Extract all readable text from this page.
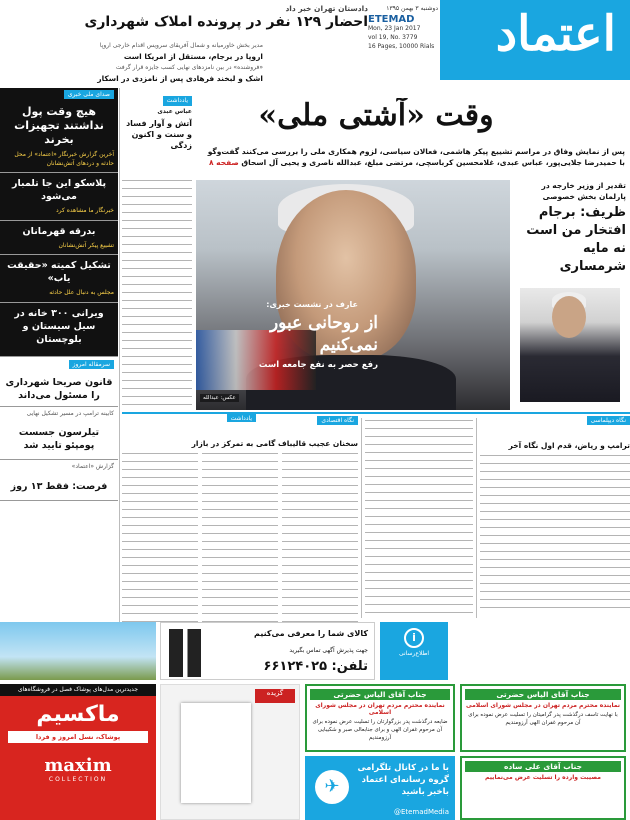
اعتماد
دوشنبه ۳ بهمن ۱۳۹۵
ETEMAD
Mon, 23 Jan 2017
vol 19, No. 3779
16 Pages, 10000 Rials
دادستان تهران خبر داد
احضار ۱۲۹ نفر در پرونده املاک شهرداری
مدیر بخش خاورمیانه و شمال آفریقای سرویس اقدام خارجی اروپا
اروپا در برجام، مستقل از امریکا است
«فروشنده» در بین نامزدهای نهایی کسب جایزه قرار گرفت
اشک و لبخند فرهادی پس از نامزدی در اسکار
صدای ملی خبری
هیچ وقت پول نداشتند تجهیزات بخرند
آخرین گزارش خبرنگار «اعتماد» از محل حادثه و دردهای آتش‌نشانان
پلاسکو این جا تلمبار می‌شود
خبرنگار ما مشاهده کرد
بدرقه قهرمانان
تشییع پیکر آتش‌نشانان
تشکیل کمیته «حقیقت یاب»
مجلس به دنبال علل حادثه
ویرانی ۳۰۰ خانه در سیل سیستان و بلوچستان
سرمقاله امروز
قانون صریحا شهرداری را مسئول می‌داند
کابینه ترامپ در مسیر تشکیل نهایی
تیلرسون جسست پومپئو تایید شد
گزارش «اعتماد»
فرصت: فقط ۱۳ روز
یادداشت
عباس عبدی
آتش و آوار فساد و سنت و اکنون زدگی
وقت «آشتی ملی»
پس از نمایش وفاق در مراسم تشییع پیکر هاشمی، فعالان سیاسی، لزوم همکاری ملی را بررسی می‌کنند گفت‌وگو با حمیدرضا جلایی‌پور، عباس عبدی، غلامحسین کرباسچی، مرتضی مبلغ، عبدالله ناصری و یحیی آل اسحاق صفحه ۸
عارف در نشست خبری:
از روحانی عبور نمی‌کنیم
رفع حصر به نفع جامعه است
عکس: عبدالله
تقدیر از وزیر خارجه در پارلمان بخش خصوصی
ظریف: برجام افتخار من است نه مایه شرمساری
نگاه دیپلماسی
ترامپ و ریاض، قدم اول نگاه آخر
نگاه اقتصادی
سخنان عجیب قالیباف گامی به تمرکز در بازار
یادداشت
کالای شما را معرفی می‌کنیم
جهت پذیرش آگهی تماس بگیرید
تلفن: ۶۶۱۲۴۰۲۵
i
اطلاع‌رسانی
ماکسیم
پوشاک، نسل امروز و فردا
maxim
COLLECTION
جدیدترین مدل‌های پوشاک فصل در فروشگاه‌های	گزیده	جناب آقای الیاس حضرتی
نماینده محترم مردم تهران در مجلس شورای اسلامی
ضایعه درگذشت پدر بزرگوارتان را تسلیت عرض نموده برای آن مرحوم غفران الهی و برای جنابعالی صبر و شکیبایی آرزومندیم
جناب آقای الیاس حضرتی
نماینده محترم مردم تهران در مجلس شورای اسلامی
با نهایت تاسف درگذشت پدر گرامیتان را تسلیت عرض نموده برای آن مرحوم غفران الهی آرزومندیم
جناب آقای علی ساده
مصیبت وارده را تسلیت عرض می‌نماییم
✈
با ما در کانال تلگرامی گروه رسانه‌ای اعتماد باخبر باشید
@EtemadMedia
